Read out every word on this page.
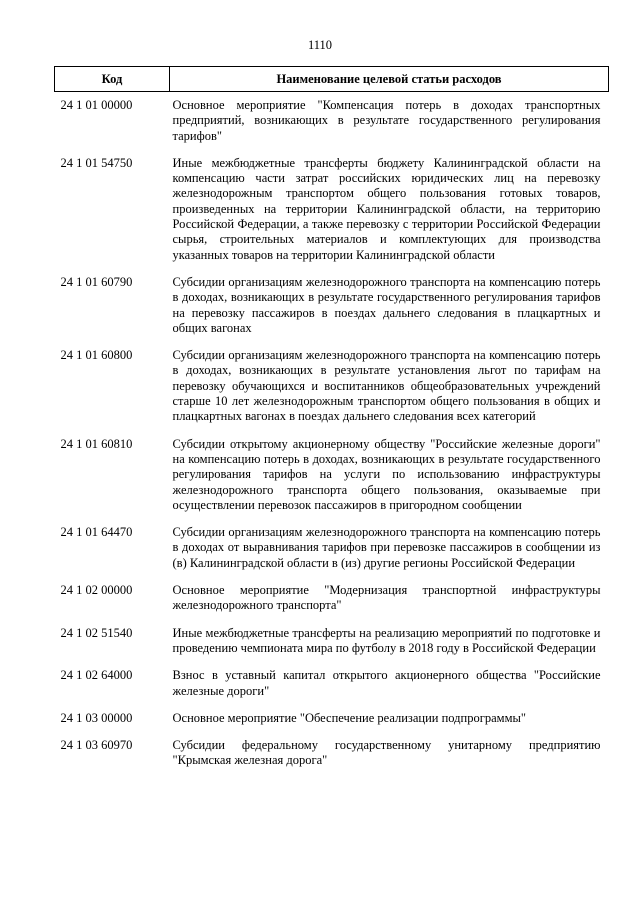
1110
Код	Наименование целевой статьи расходов
24 1 01 00000	Основное мероприятие "Компенсация потерь в доходах транспортных предприятий, возникающих в результате государственного регулирования тарифов"
24 1 01 54750	Иные межбюджетные трансферты бюджету Калининградской области на компенсацию части затрат российских юридических лиц на перевозку железнодорожным транспортом общего пользования готовых товаров, произведенных на территории Калининградской области, на территорию Российской Федерации, а также перевозку с территории Российской Федерации сырья, строительных материалов и комплектующих для производства указанных товаров на территории Калининградской области
24 1 01 60790	Субсидии организациям железнодорожного транспорта на компенсацию потерь в доходах, возникающих в результате государственного регулирования тарифов на перевозку пассажиров в поездах дальнего следования в плацкартных и общих вагонах
24 1 01 60800	Субсидии организациям железнодорожного транспорта на компенсацию потерь в доходах, возникающих в результате установления льгот по тарифам на перевозку обучающихся и воспитанников общеобразовательных учреждений старше 10 лет железнодорожным транспортом общего пользования в общих и плацкартных вагонах в поездах дальнего следования всех категорий
24 1 01 60810	Субсидии открытому акционерному обществу "Российские железные дороги" на компенсацию потерь в доходах, возникающих в результате государственного регулирования тарифов на услуги по использованию инфраструктуры железнодорожного транспорта общего пользования, оказываемые при осуществлении перевозок пассажиров в пригородном сообщении
24 1 01 64470	Субсидии организациям железнодорожного транспорта на компенсацию потерь в доходах от выравнивания тарифов при перевозке пассажиров в сообщении из (в) Калининградской области в (из) другие регионы Российской Федерации
24 1 02 00000	Основное мероприятие "Модернизация транспортной инфраструктуры железнодорожного транспорта"
24 1 02 51540	Иные межбюджетные трансферты на реализацию мероприятий по подготовке и проведению чемпионата мира по футболу в 2018 году в Российской Федерации
24 1 02 64000	Взнос в уставный капитал открытого акционерного общества "Российские железные дороги"
24 1 03 00000	Основное мероприятие "Обеспечение реализации подпрограммы"
24 1 03 60970	Субсидии федеральному государственному унитарному предприятию "Крымская железная дорога"
